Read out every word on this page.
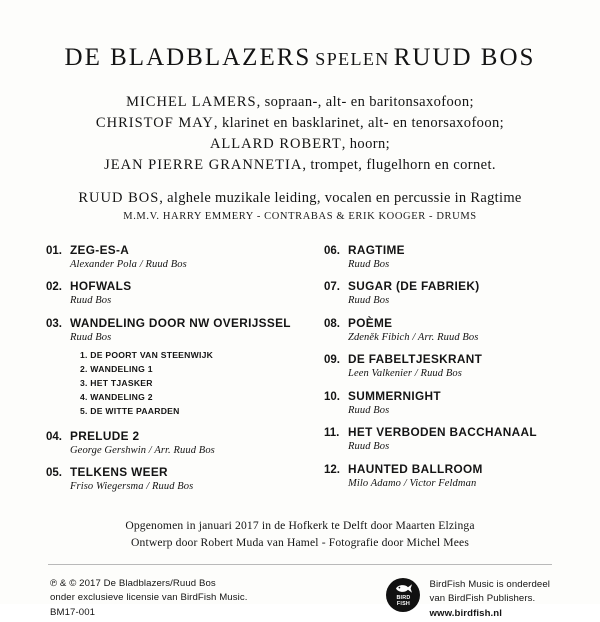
DE BLADBLAZERS SPELEN RUUD BOS
MICHEL LAMERS, sopraan-, alt- en baritonsaxofoon;
CHRISTOF MAY, klarinet en basklarinet, alt- en tenorsaxofoon;
ALLARD ROBERT, hoorn;
JEAN PIERRE GRANNETIA, trompet, flugelhorn en cornet.
RUUD BOS, alghele muzikale leiding, vocalen en percussie in Ragtime
M.M.V. HARRY EMMERY - CONTRABAS & ERIK KOOGER - DRUMS
01. ZEG-ES-A
Alexander Pola / Ruud Bos
02. HOFWALS
Ruud Bos
03. WANDELING DOOR NW OVERIJSSEL
Ruud Bos
1. DE POORT VAN STEENWIJK
2. WANDELING 1
3. HET TJASKER
4. WANDELING 2
5. DE WITTE PAARDEN
04. PRELUDE 2
George Gershwin / Arr. Ruud Bos
05. TELKENS WEER
Friso Wiegersma / Ruud Bos
06. RAGTIME
Ruud Bos
07. SUGAR (DE FABRIEK)
Ruud Bos
08. POÈME
Zdeněk Fibich / Arr. Ruud Bos
09. DE FABELTJESKRANT
Leen Valkenier / Ruud Bos
10. SUMMERNIGHT
Ruud Bos
11. HET VERBODEN BACCHANAAL
Ruud Bos
12. HAUNTED BALLROOM
Milo Adamo / Victor Feldman
Opgenomen in januari 2017 in de Hofkerk te Delft door Maarten Elzinga
Ontwerp door Robert Muda van Hamel - Fotografie door Michel Mees
℗ & © 2017 De Bladblazers/Ruud Bos
onder exclusieve licensie van BirdFish Music.
BM17-001
BIRD
FISH
BirdFish Music is onderdeel
van BirdFish Publishers.
www.birdfish.nl
